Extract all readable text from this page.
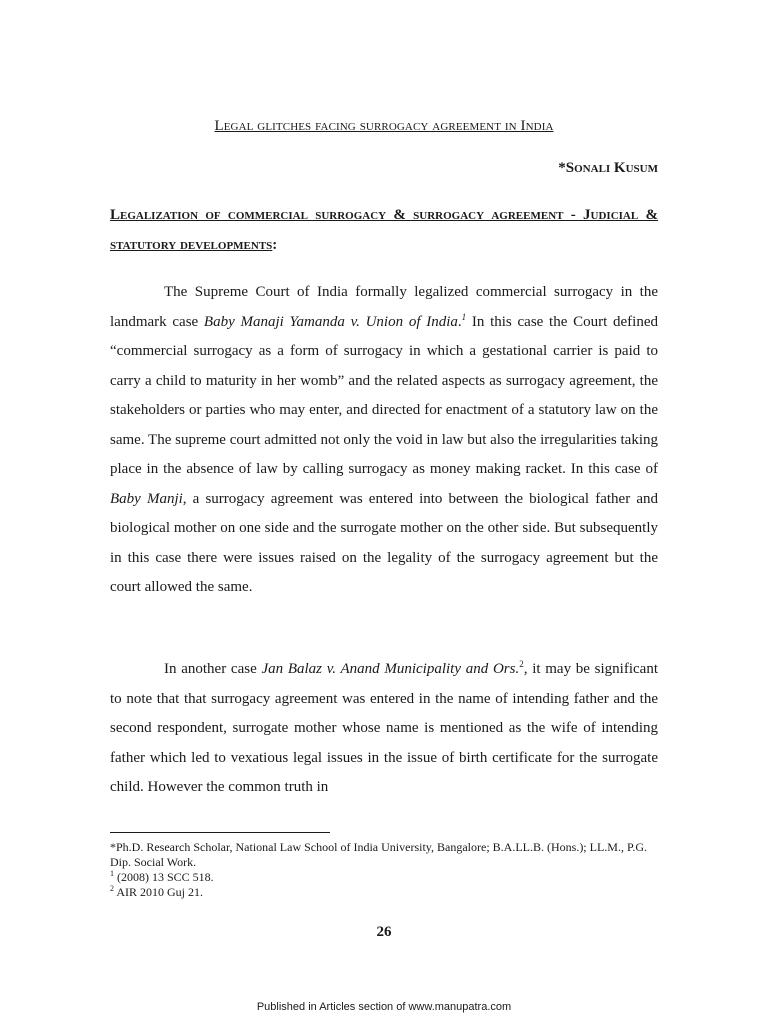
Legal glitches facing surrogacy agreement in India
*Sonali Kusum
Legalization of commercial surrogacy & surrogacy agreement - Judicial & statutory developments:
The Supreme Court of India formally legalized commercial surrogacy in the landmark case Baby Manaji Yamanda v. Union of India.$^1$ In this case the Court defined “commercial surrogacy as a form of surrogacy in which a gestational carrier is paid to carry a child to maturity in her womb” and the related aspects as surrogacy agreement, the stakeholders or parties who may enter, and directed for enactment of a statutory law on the same. The supreme court admitted not only the void in law but also the irregularities taking place in the absence of law by calling surrogacy as money making racket. In this case of Baby Manji, a surrogacy agreement was entered into between the biological father and biological mother on one side and the surrogate mother on the other side. But subsequently in this case there were issues raised on the legality of the surrogacy agreement but the court allowed the same.
In another case Jan Balaz v. Anand Municipality and Ors.$^2$, it may be significant to note that that surrogacy agreement was entered in the name of intending father and the second respondent, surrogate mother whose name is mentioned as the wife of intending father which led to vexatious legal issues in the issue of birth certificate for the surrogate child. However the common truth in
*Ph.D. Research Scholar, National Law School of India University, Bangalore; B.A.LL.B. (Hons.); LL.M., P.G. Dip. Social Work.
$^1$ (2008) 13 SCC 518.
$^2$ AIR 2010 Guj 21.
26
Published in Articles section of www.manupatra.com
